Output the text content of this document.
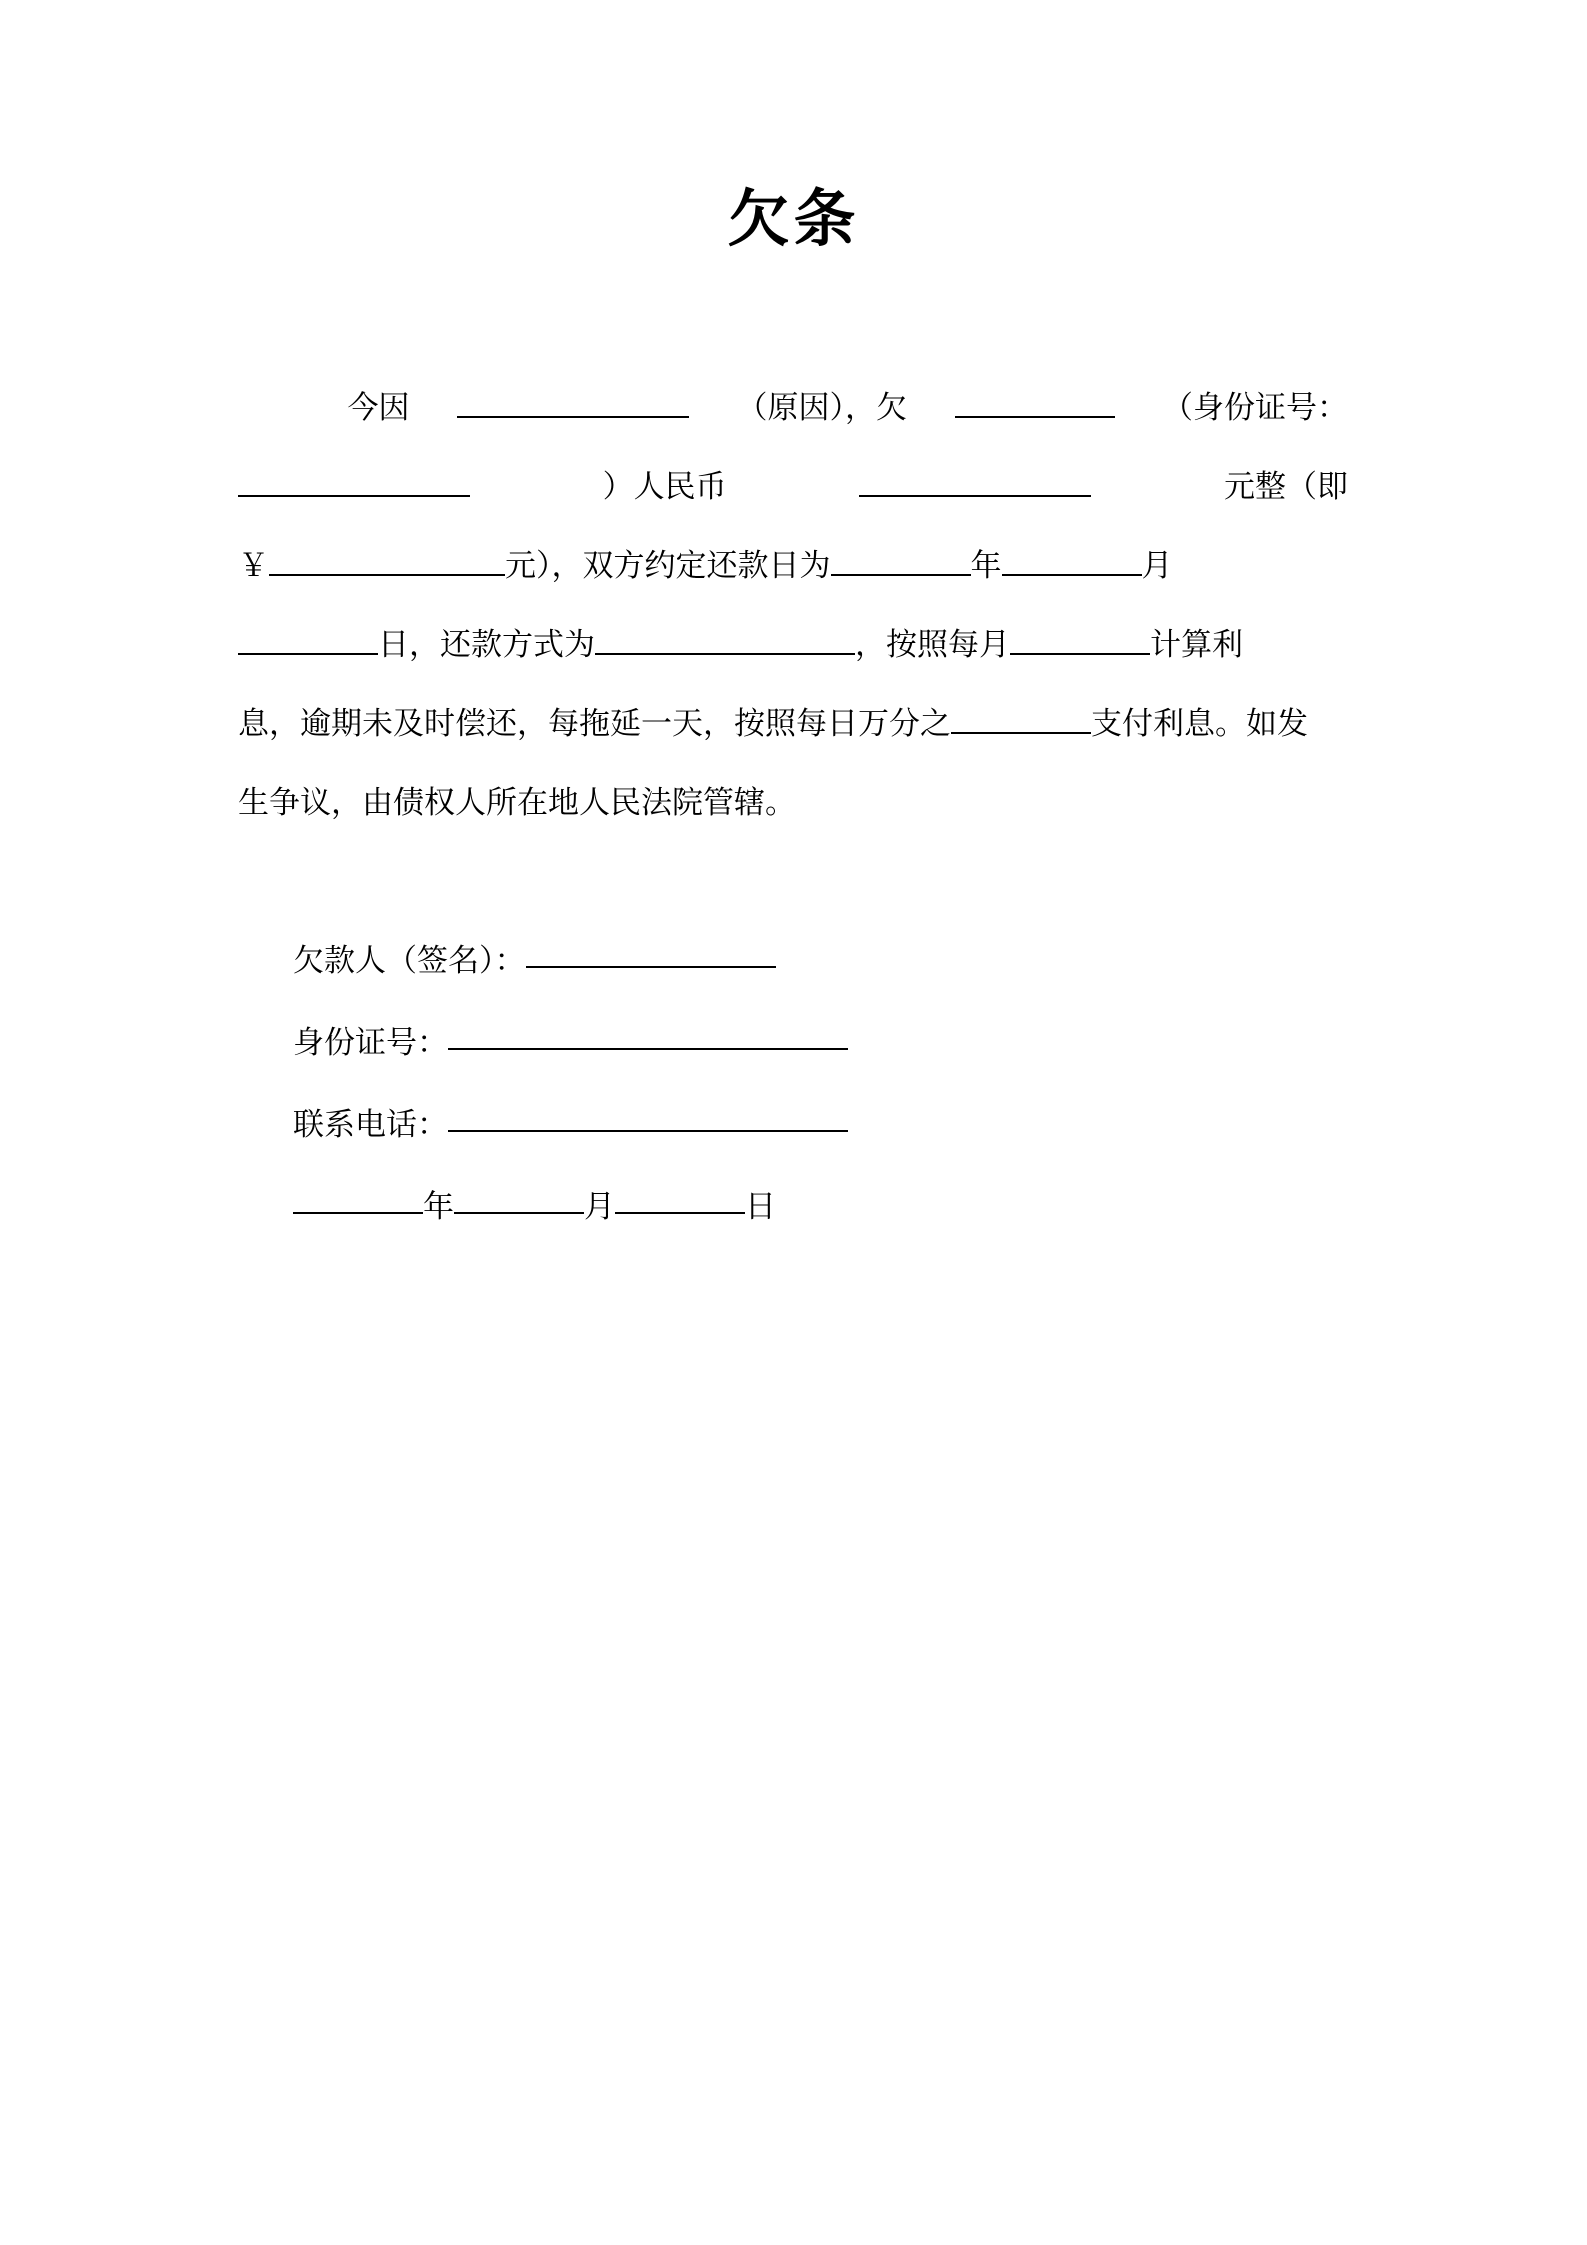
欠条
今因	（原因），欠	（身份证号：
）人民币	元整（即
￥	元），双方约定还款日为	年	月
日，还款方式为	，按照每月	计算利
息，逾期未及时偿还，每拖延一天，按照每日万分之	支付利息。如发
生争议，由债权人所在地人民法院管辖。
欠款人（签名）：
身份证号：
联系电话：
年	月	日
